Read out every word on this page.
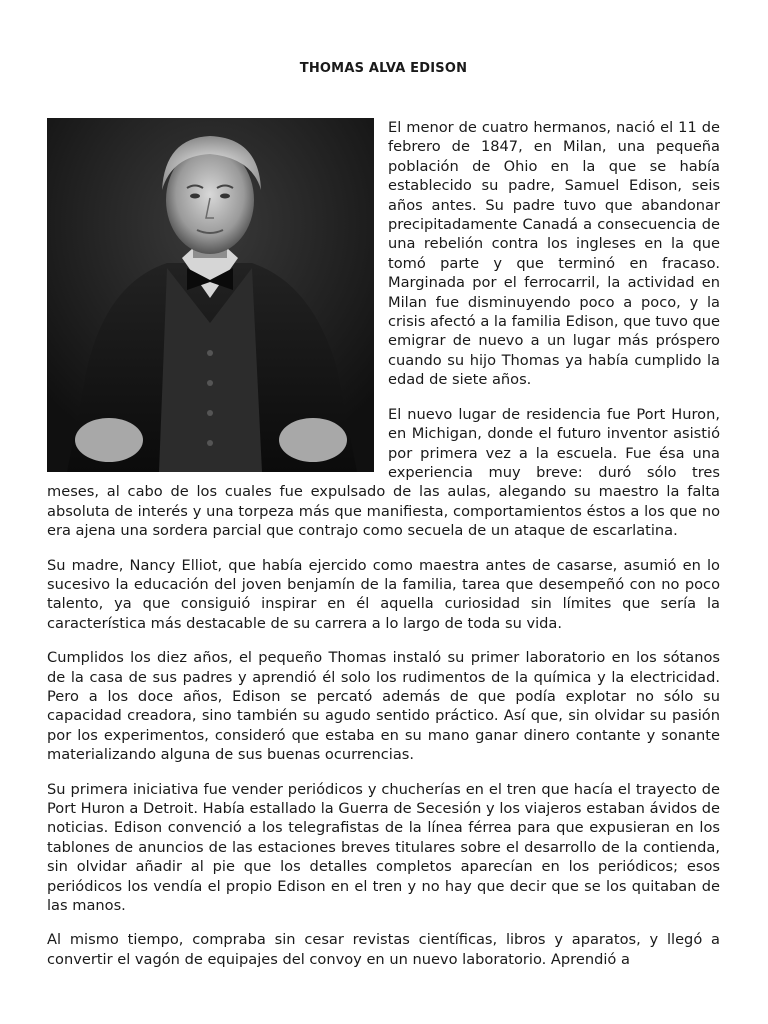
THOMAS ALVA EDISON

El menor de cuatro hermanos, nació el 11 de febrero de 1847, en Milan, una pequeña población de Ohio en la que se había establecido su padre, Samuel Edison, seis años antes. Su padre tuvo que abandonar precipitadamente Canadá a consecuencia de una rebelión contra los ingleses en la que tomó parte y que terminó en fracaso. Marginada por el ferrocarril, la actividad en Milan fue disminuyendo poco a poco, y la crisis afectó a la familia Edison, que tuvo que emigrar de nuevo a un lugar más próspero cuando su hijo Thomas ya había cumplido la edad de siete años.

El nuevo lugar de residencia fue Port Huron, en Michigan, donde el futuro inventor asistió por primera vez a la escuela. Fue ésa una experiencia muy breve: duró sólo tres meses, al cabo de los cuales fue expulsado de las aulas, alegando su maestro la falta absoluta de interés y una torpeza más que manifiesta, comportamientos éstos a los que no era ajena una sordera parcial que contrajo como secuela de un ataque de escarlatina.

Su madre, Nancy Elliot, que había ejercido como maestra antes de casarse, asumió en lo sucesivo la educación del joven benjamín de la familia, tarea que desempeñó con no poco talento, ya que consiguió inspirar en él aquella curiosidad sin límites que sería la característica más destacable de su carrera a lo largo de toda su vida.

Cumplidos los diez años, el pequeño Thomas instaló su primer laboratorio en los sótanos de la casa de sus padres y aprendió él solo los rudimentos de la química y la electricidad. Pero a los doce años, Edison se percató además de que podía explotar no sólo su capacidad creadora, sino también su agudo sentido práctico. Así que, sin olvidar su pasión por los experimentos, consideró que estaba en su mano ganar dinero contante y sonante materializando alguna de sus buenas ocurrencias.

Su primera iniciativa fue vender periódicos y chucherías en el tren que hacía el trayecto de Port Huron a Detroit. Había estallado la Guerra de Secesión y los viajeros estaban ávidos de noticias. Edison convenció a los telegrafistas de la línea férrea para que expusieran en los tablones de anuncios de las estaciones breves titulares sobre el desarrollo de la contienda, sin olvidar añadir al pie que los detalles completos aparecían en los periódicos; esos periódicos los vendía el propio Edison en el tren y no hay que decir que se los quitaban de las manos.

Al mismo tiempo, compraba sin cesar revistas científicas, libros y aparatos, y llegó a convertir el vagón de equipajes del convoy en un nuevo laboratorio. Aprendió a
